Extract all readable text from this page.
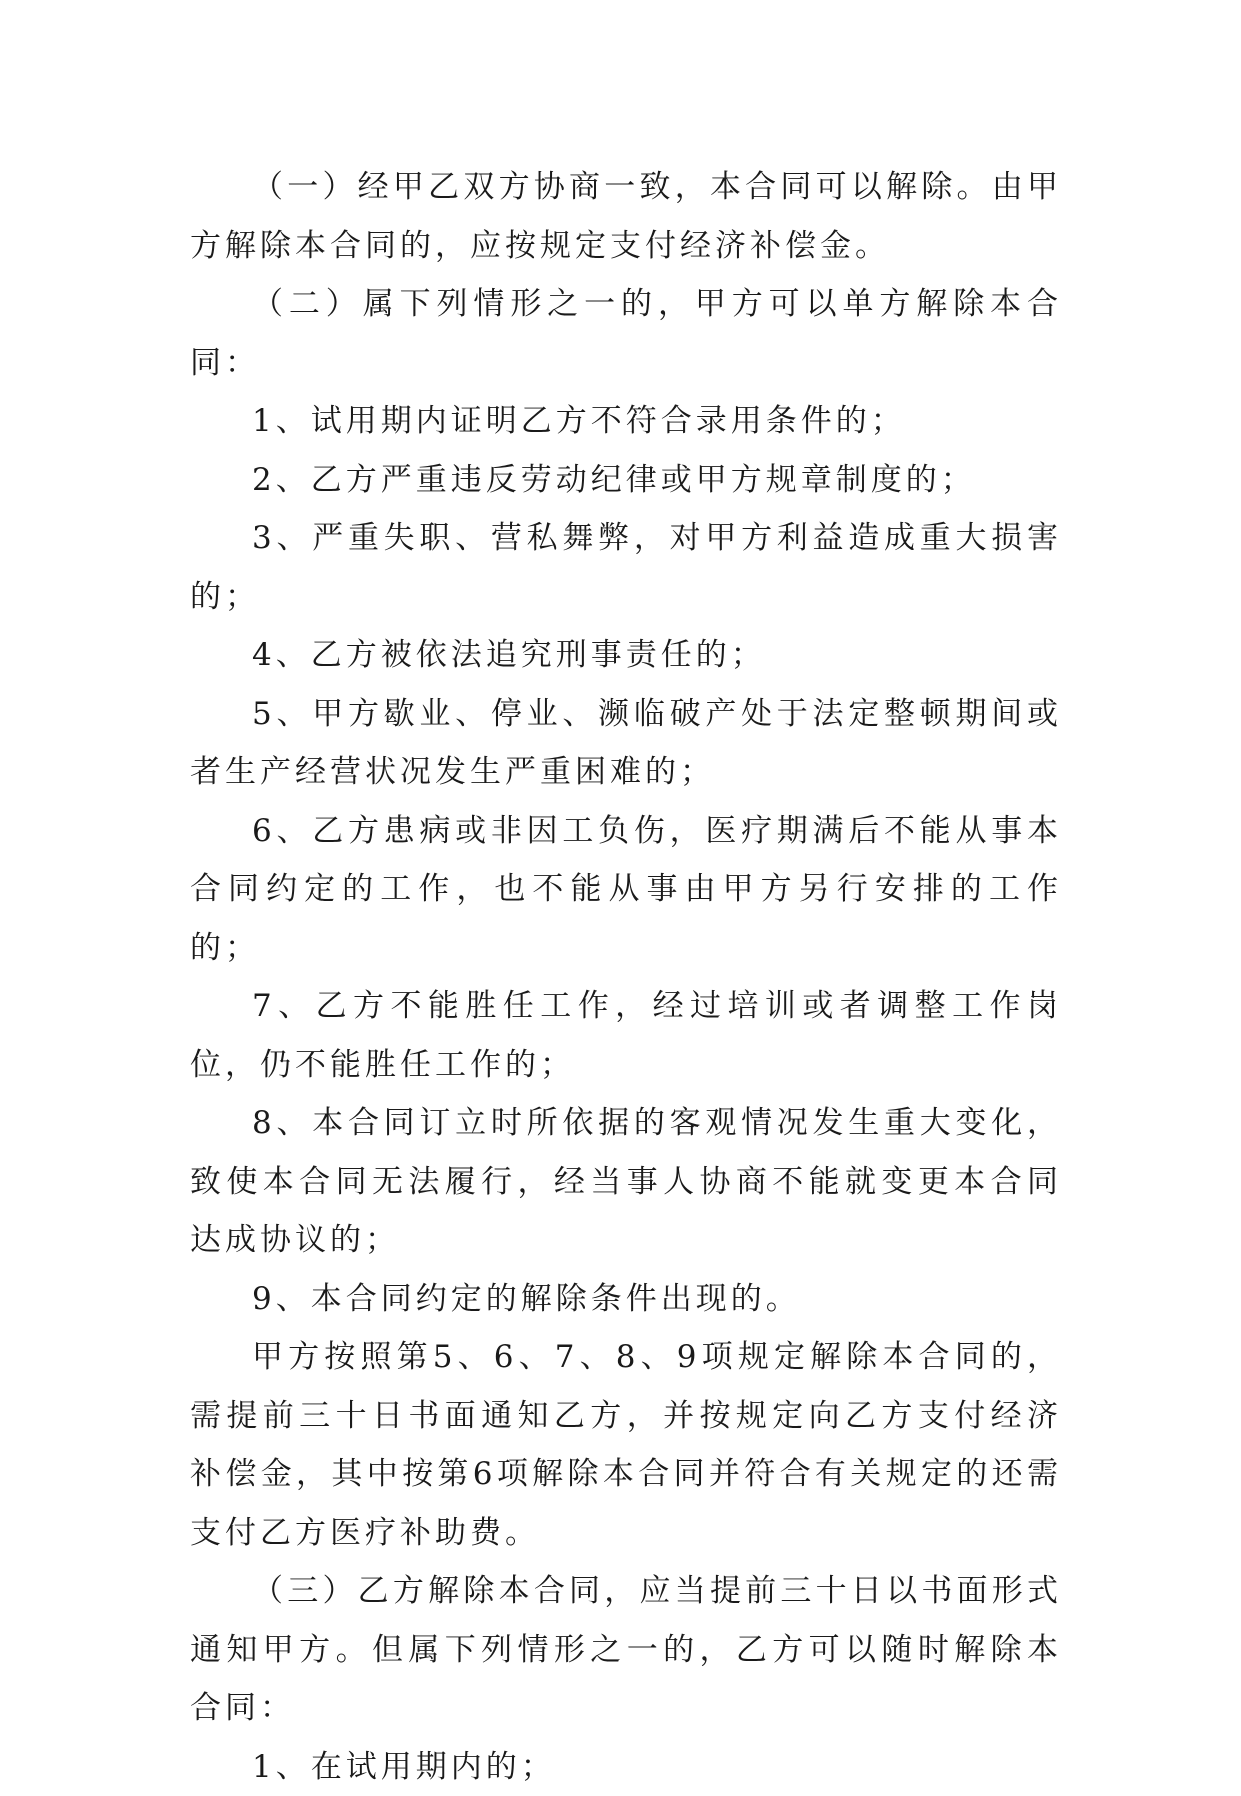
（一）经甲乙双方协商一致，本合同可以解除。由甲方解除本合同的，应按规定支付经济补偿金。

（二）属下列情形之一的，甲方可以单方解除本合同：

1、试用期内证明乙方不符合录用条件的；

2、乙方严重违反劳动纪律或甲方规章制度的；

3、严重失职、营私舞弊，对甲方利益造成重大损害的；

4、乙方被依法追究刑事责任的；

5、甲方歇业、停业、濒临破产处于法定整顿期间或者生产经营状况发生严重困难的；

6、乙方患病或非因工负伤，医疗期满后不能从事本合同约定的工作，也不能从事由甲方另行安排的工作的；

7、乙方不能胜任工作，经过培训或者调整工作岗位，仍不能胜任工作的；

8、本合同订立时所依据的客观情况发生重大变化，致使本合同无法履行，经当事人协商不能就变更本合同达成协议的；

9、本合同约定的解除条件出现的。

甲方按照第5、6、7、8、9项规定解除本合同的，需提前三十日书面通知乙方，并按规定向乙方支付经济补偿金，其中按第6项解除本合同并符合有关规定的还需支付乙方医疗补助费。

（三）乙方解除本合同，应当提前三十日以书面形式通知甲方。但属下列情形之一的，乙方可以随时解除本合同：

1、在试用期内的；
